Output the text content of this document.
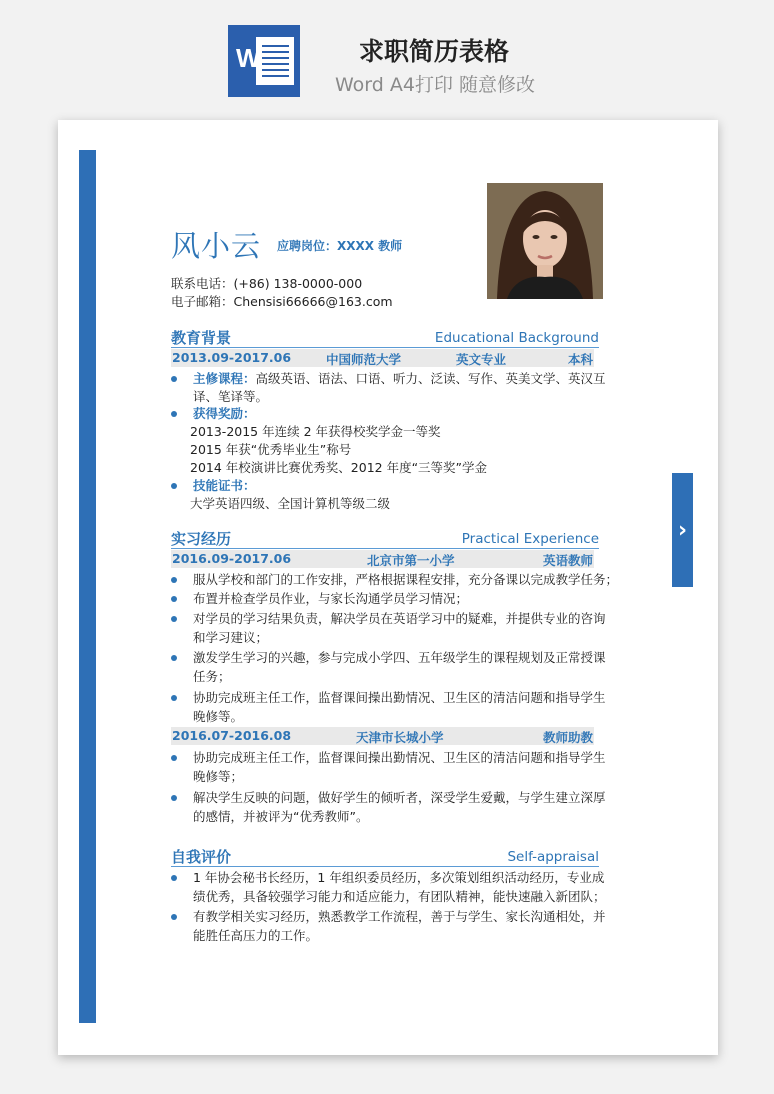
W	求职简历表格
Word A4打印 随意修改
›
风小云 应聘岗位：XXXX 教师
联系电话：(+86) 138-0000-000
电子邮箱：Chensisi66666@163.com
教育背景	Educational Background
2013.09-2017.06	中国师范大学	英文专业	本科
主修课程：高级英语、语法、口语、听力、泛读、写作、英美文学、英汉互
译、笔译等。
获得奖励：
2013-2015 年连续 2 年获得校奖学金一等奖
2015 年获“优秀毕业生”称号
2014 年校演讲比赛优秀奖、2012 年度“三等奖”学金
技能证书：
大学英语四级、全国计算机等级二级
实习经历	Practical Experience
2016.09-2017.06	北京市第一小学	英语教师
服从学校和部门的工作安排，严格根据课程安排，充分备课以完成教学任务；
布置并检查学员作业，与家长沟通学员学习情况；
对学员的学习结果负责，解决学员在英语学习中的疑难，并提供专业的咨询
和学习建议；
激发学生学习的兴趣，参与完成小学四、五年级学生的课程规划及正常授课
任务；
协助完成班主任工作，监督课间操出勤情况、卫生区的清洁问题和指导学生
晚修等。
2016.07-2016.08	天津市长城小学	教师助教
协助完成班主任工作，监督课间操出勤情况、卫生区的清洁问题和指导学生
晚修等；
解决学生反映的问题，做好学生的倾听者，深受学生爱戴，与学生建立深厚
的感情，并被评为“优秀教师”。
自我评价	Self-appraisal
1 年协会秘书长经历，1 年组织委员经历，多次策划组织活动经历，专业成
绩优秀，具备较强学习能力和适应能力，有团队精神，能快速融入新团队；
有教学相关实习经历，熟悉教学工作流程，善于与学生、家长沟通相处，并
能胜任高压力的工作。
